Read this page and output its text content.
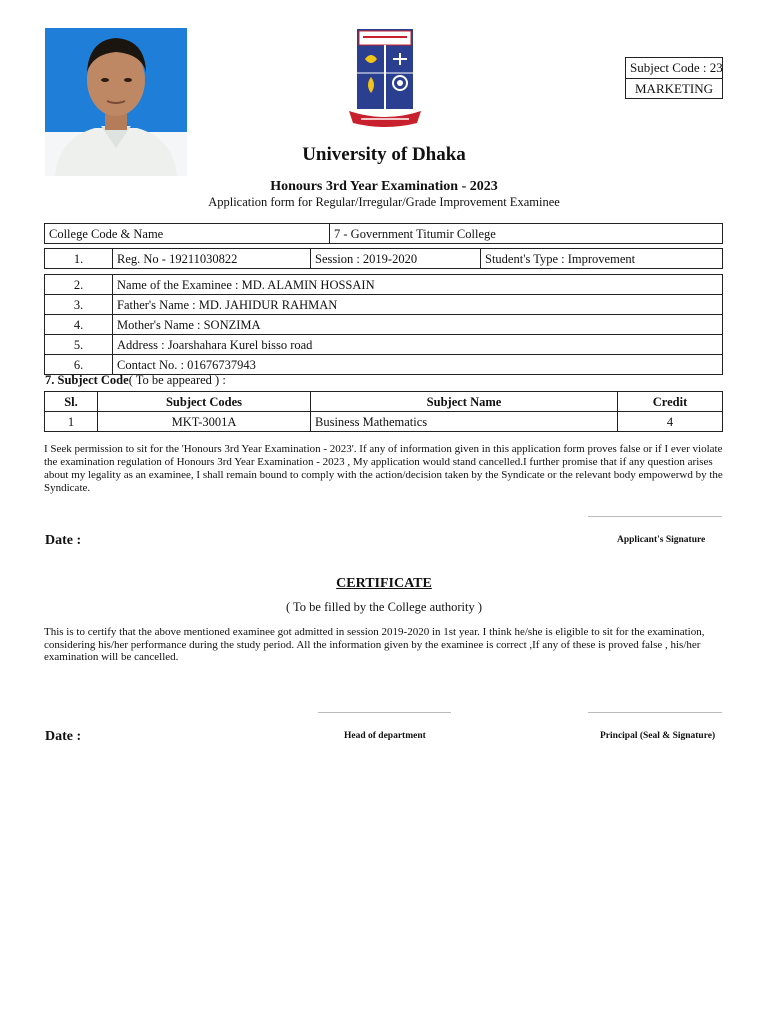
Subject Code : 23
MARKETING
University of Dhaka
Honours 3rd Year Examination - 2023
Application form for Regular/Irregular/Grade Improvement Examinee
College Code & Name	7 - Government Titumir College
1.	Reg. No - 19211030822	Session : 2019-2020	Student's Type : Improvement
2.	Name of the Examinee : MD. ALAMIN HOSSAIN
3.	Father's Name : MD. JAHIDUR RAHMAN
4.	Mother's Name : SONZIMA
5.	Address : Joarshahara Kurel bisso road
6.	Contact No. : 01676737943
7. Subject Code( To be appeared ) :
Sl.	Subject Codes	Subject Name	Credit
1	MKT-3001A	Business Mathematics	4
I Seek permission to sit for the 'Honours 3rd Year Examination - 2023'. If any of information given in this application form proves false or if I ever violate the examination regulation of Honours 3rd Year Examination - 2023 , My application would stand cancelled.I further promise that if any question arises about my legality as an examinee, I shall remain bound to comply with the action/decision taken by the Syndicate or the relevant body empowerwd by the Syndicate.
Date :	Applicant's Signature
CERTIFICATE
( To be filled by the College authority )
This is to certify that the above mentioned examinee got admitted in session 2019-2020 in 1st year. I think he/she is eligible to sit for the examination, considering his/her performance during the study period. All the information given by the examinee is correct ,If any of these is proved false , his/her examination will be cancelled.
Date :	Head of department	Principal (Seal & Signature)
